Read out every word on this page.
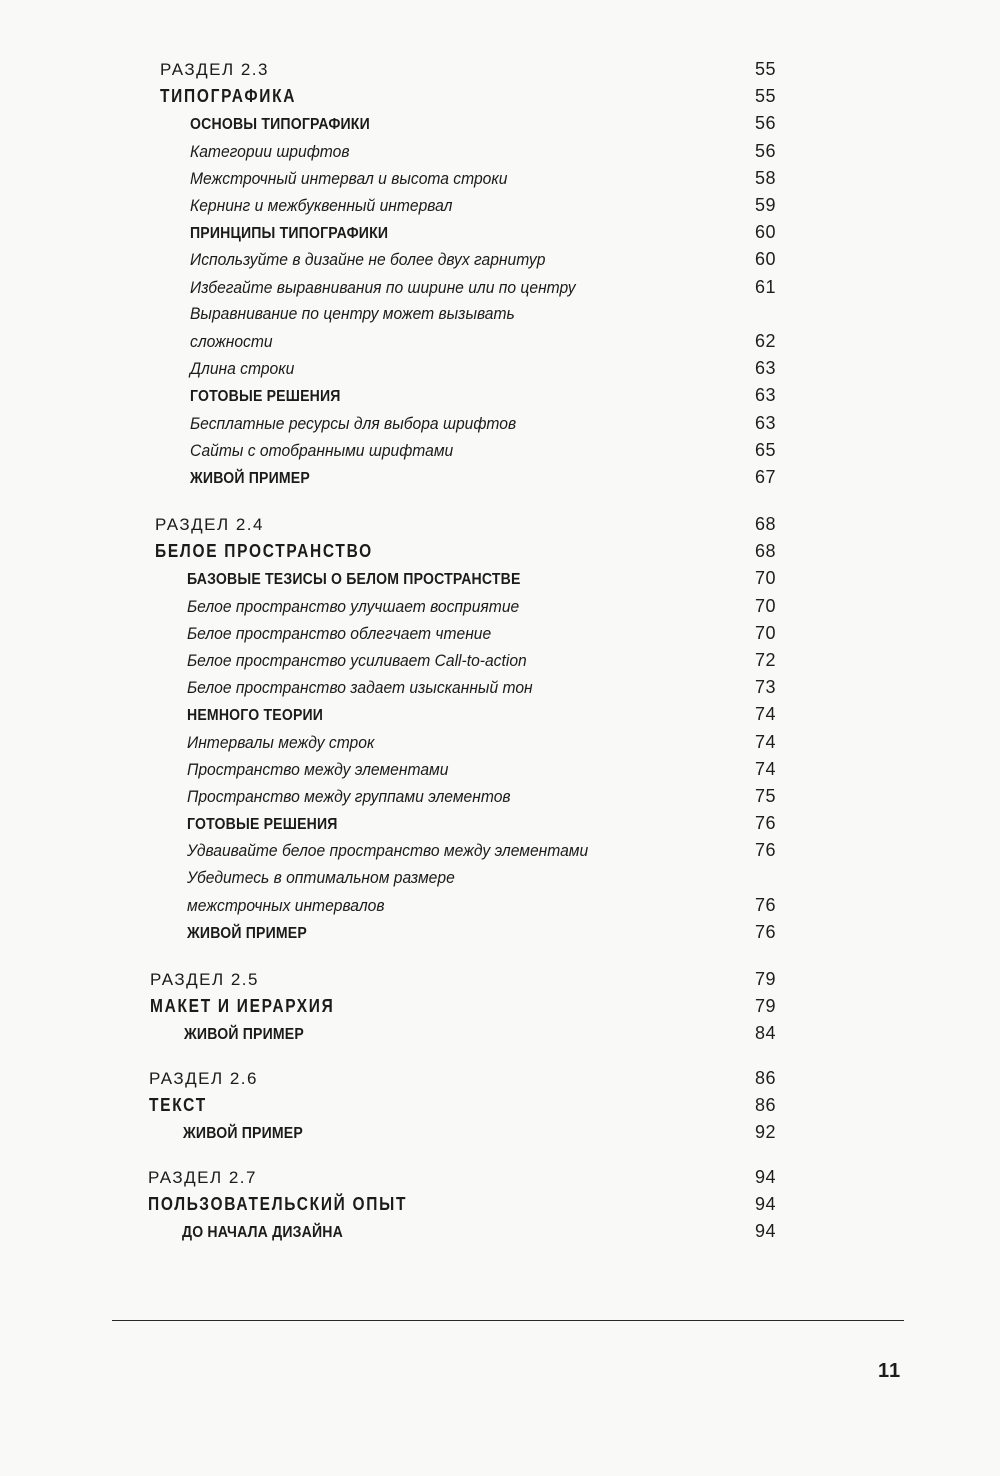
РАЗДЕЛ 2.3	55
ТИПОГРАФИКА	55
ОСНОВЫ ТИПОГРАФИКИ	56
Категории шрифтов	56
Межстрочный интервал и высота строки	58
Кернинг и межбуквенный интервал	59
ПРИНЦИПЫ ТИПОГРАФИКИ	60
Используйте в дизайне не более двух гарнитур	60
Избегайте выравнивания по ширине или по центру	61
Выравнивание по центру может вызывать
сложности	62
Длина строки	63
ГОТОВЫЕ РЕШЕНИЯ	63
Бесплатные ресурсы для выбора шрифтов	63
Сайты с отобранными шрифтами	65
ЖИВОЙ ПРИМЕР	67
РАЗДЕЛ 2.4	68
БЕЛОЕ ПРОСТРАНСТВО	68
БАЗОВЫЕ ТЕЗИСЫ О БЕЛОМ ПРОСТРАНСТВЕ	70
Белое пространство улучшает восприятие	70
Белое пространство облегчает чтение	70
Белое пространство усиливает Call-to-action	72
Белое пространство задает изысканный тон	73
НЕМНОГО ТЕОРИИ	74
Интервалы между строк	74
Пространство между элементами	74
Пространство между группами элементов	75
ГОТОВЫЕ РЕШЕНИЯ	76
Удваивайте белое пространство между элементами	76
Убедитесь в оптимальном размере
межстрочных интервалов	76
ЖИВОЙ ПРИМЕР	76
РАЗДЕЛ 2.5	79
МАКЕТ И ИЕРАРХИЯ	79
ЖИВОЙ ПРИМЕР	84
РАЗДЕЛ 2.6	86
ТЕКСТ	86
ЖИВОЙ ПРИМЕР	92
РАЗДЕЛ 2.7	94
ПОЛЬЗОВАТЕЛЬСКИЙ ОПЫТ	94
ДО НАЧАЛА ДИЗАЙНА	94
11
